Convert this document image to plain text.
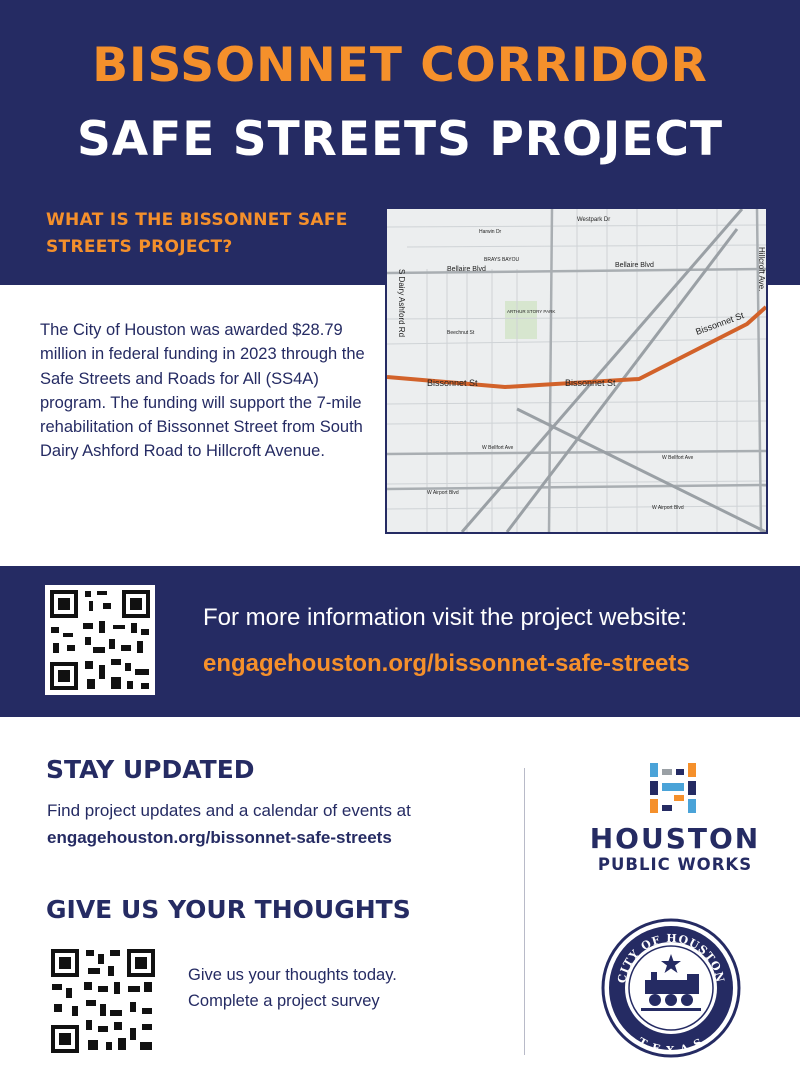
BISSONNET CORRIDOR
SAFE STREETS PROJECT
WHAT IS THE BISSONNET SAFE STREETS PROJECT?
The City of Houston was awarded $28.79 million in federal funding in 2023 through the Safe Streets and Roads for All (SS4A) program. The funding will support the 7-mile rehabilitation of Bissonnet Street from South Dairy Ashford Road to Hillcroft Avenue.
Bissonnet St	Bissonnet St
Bissonnet St
Bellaire Blvd
Bellaire Blvd
S Dairy Ashford Rd	Hillcroft Ave.
Westpark Dr
Harwin Dr
W Airport Blvd
W Airport Blvd
W Bellfort Ave
W Bellfort Ave
Beechnut St
BRAYS BAYOU
ARTHUR STORY PARK
For more information visit the project website:
engagehouston.org/bissonnet-safe-streets
STAY UPDATED
Find project updates and a calendar of events at
engagehouston.org/bissonnet-safe-streets
GIVE US YOUR THOUGHTS
Give us your thoughts today.
Complete a project survey
HOUSTON
PUBLIC WORKS
CITY OF HOUSTON
TEXAS
